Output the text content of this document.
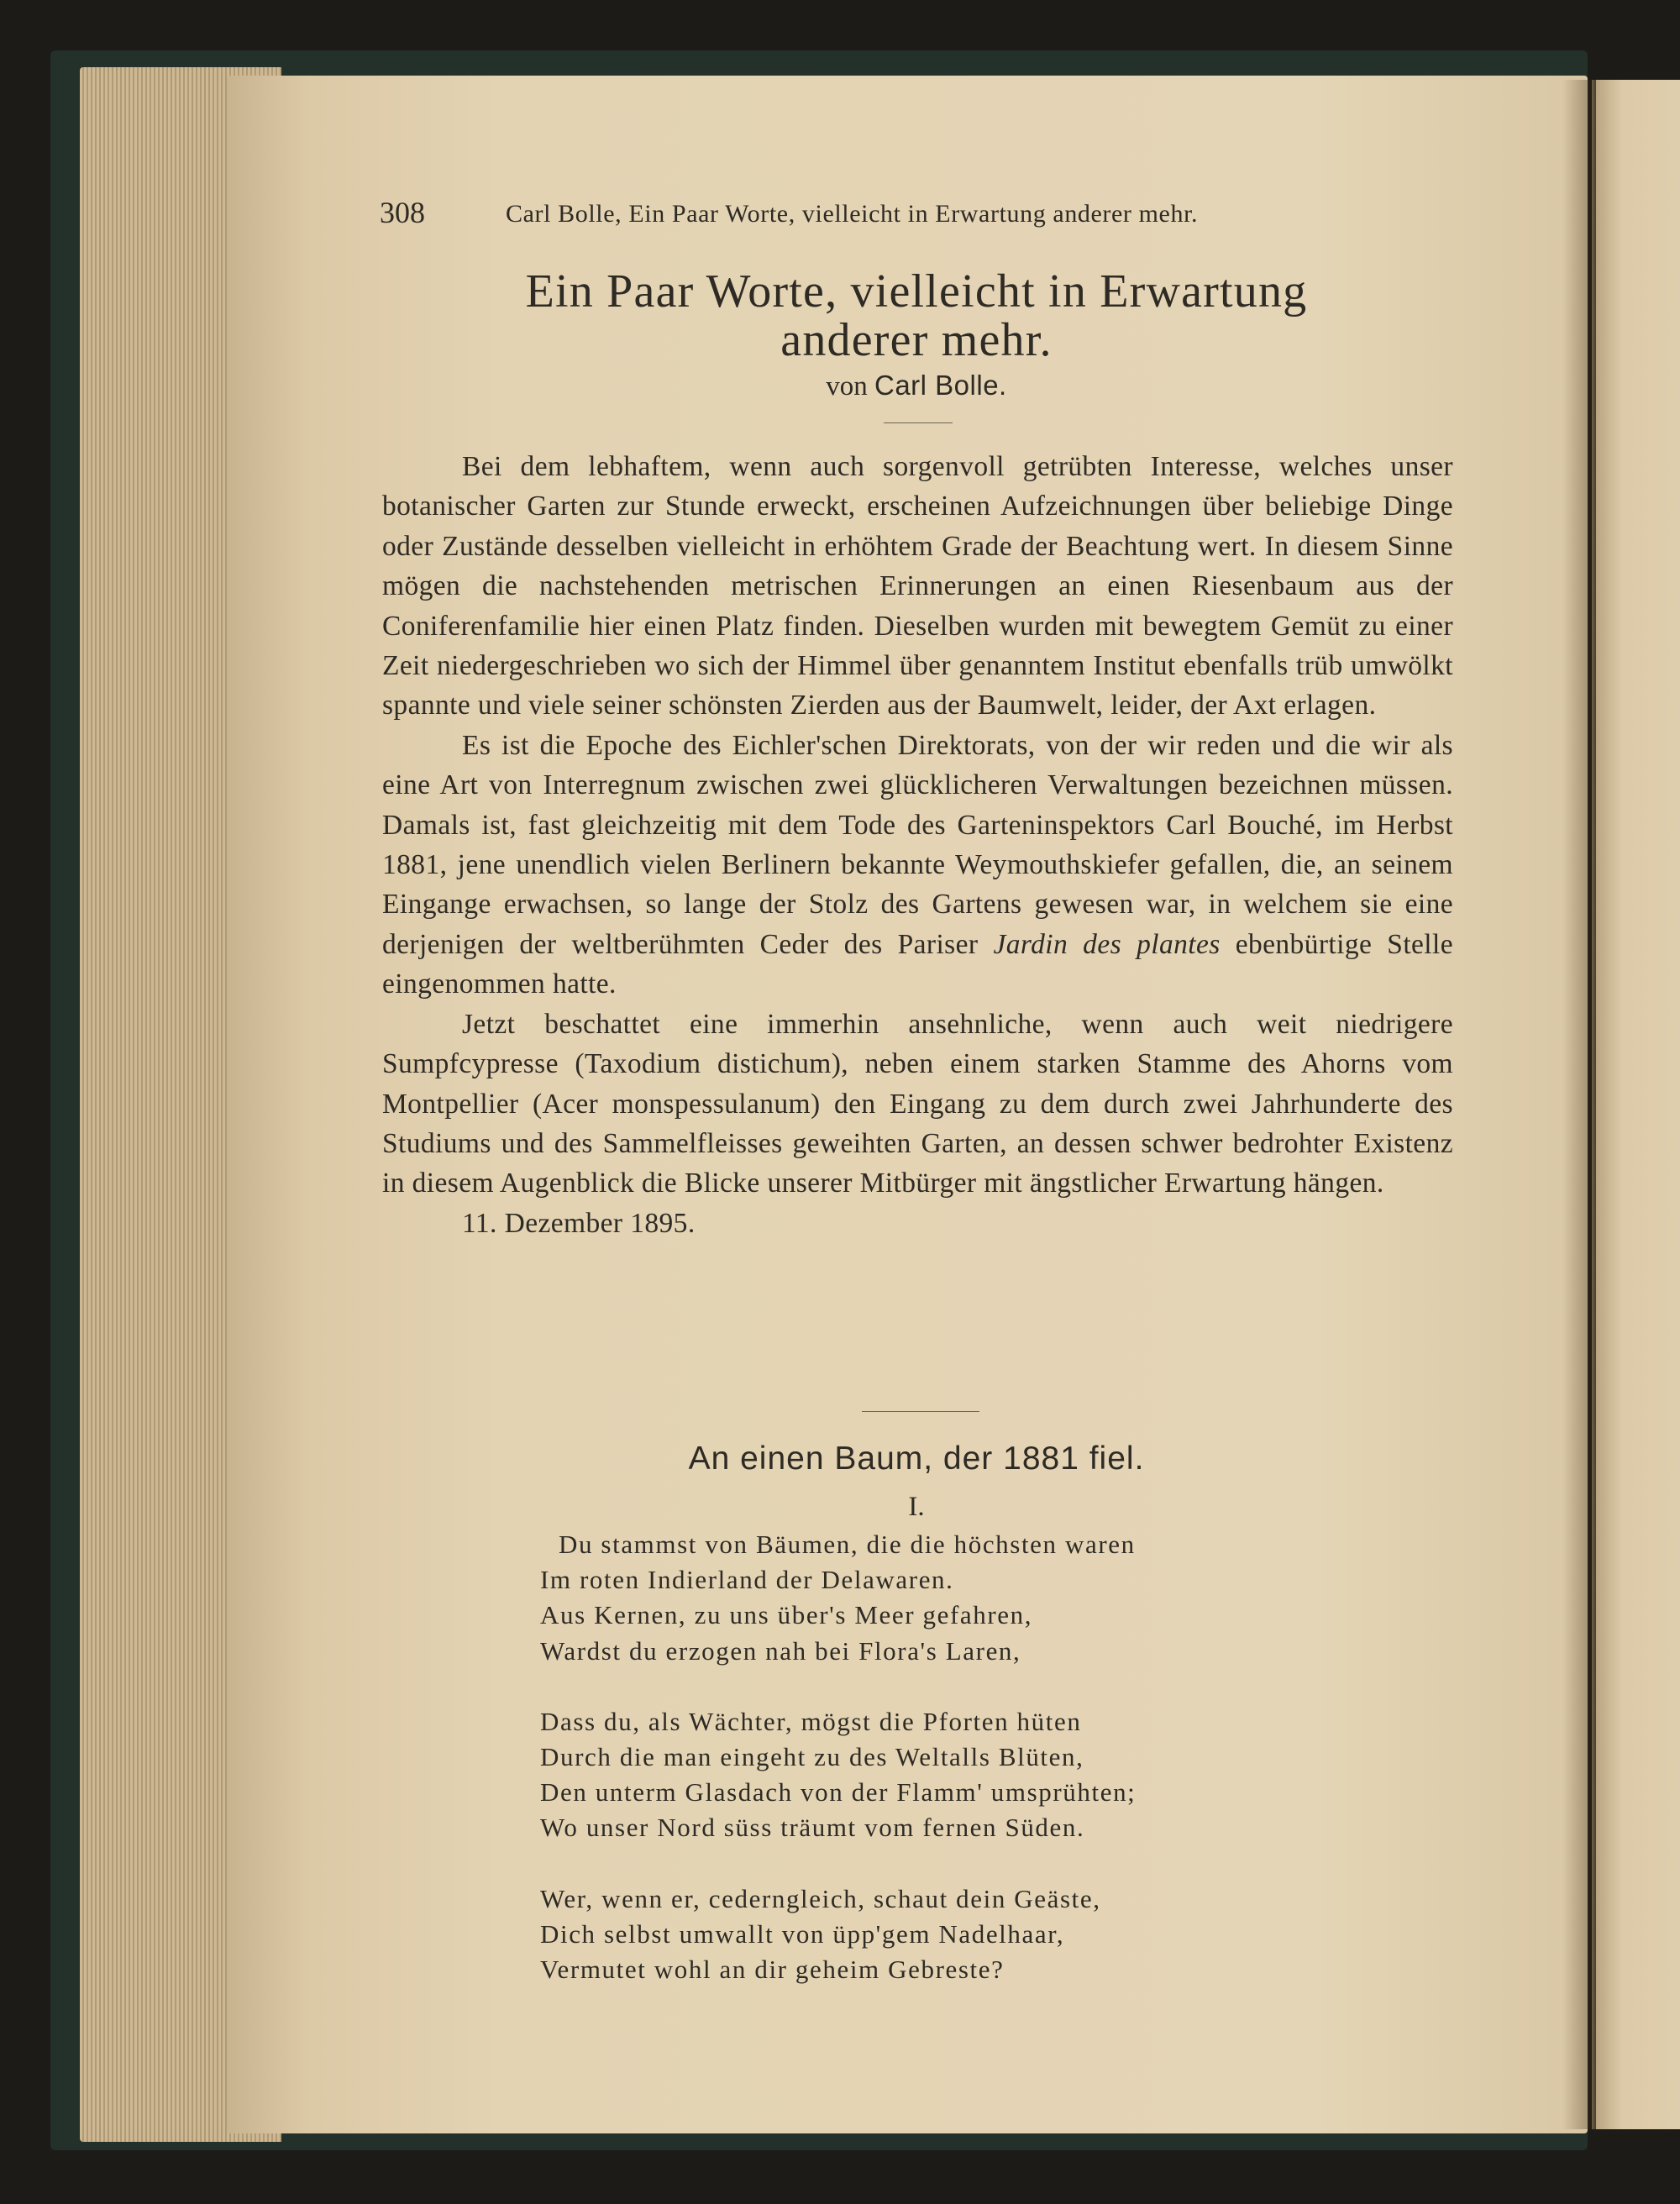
308	Carl Bolle, Ein Paar Worte, vielleicht in Erwartung anderer mehr.
Ein Paar Worte, vielleicht in Erwartung
anderer mehr.
von Carl Bolle.

Bei dem lebhaftem, wenn auch sorgenvoll getrübten Interesse, welches unser botanischer Garten zur Stunde erweckt, erscheinen Aufzeichnungen über beliebige Dinge oder Zustände desselben vielleicht in erhöhtem Grade der Beachtung wert. In diesem Sinne mögen die nachstehenden metrischen Erinnerungen an einen Riesenbaum aus der Coniferenfamilie hier einen Platz finden. Dieselben wurden mit bewegtem Gemüt zu einer Zeit niedergeschrieben wo sich der Himmel über genanntem Institut ebenfalls trüb umwölkt spannte und viele seiner schönsten Zierden aus der Baumwelt, leider, der Axt erlagen.

Es ist die Epoche des Eichler'schen Direktorats, von der wir reden und die wir als eine Art von Interregnum zwischen zwei glücklicheren Verwaltungen bezeichnen müssen. Damals ist, fast gleichzeitig mit dem Tode des Garteninspektors Carl Bouché, im Herbst 1881, jene unendlich vielen Berlinern bekannte Weymouthskiefer gefallen, die, an seinem Eingange erwachsen, so lange der Stolz des Gartens gewesen war, in welchem sie eine derjenigen der weltberühmten Ceder des Pariser Jardin des plantes ebenbürtige Stelle eingenommen hatte.

Jetzt beschattet eine immerhin ansehnliche, wenn auch weit niedrigere Sumpfcypresse (Taxodium distichum), neben einem starken Stamme des Ahorns vom Montpellier (Acer monspessulanum) den Eingang zu dem durch zwei Jahrhunderte des Studiums und des Sammelfleisses geweihten Garten, an dessen schwer bedrohter Existenz in diesem Augenblick die Blicke unserer Mitbürger mit ängstlicher Erwartung hängen.

11. Dezember 1895.

An einen Baum, der 1881 fiel.
I.
Du stammst von Bäumen, die die höchsten waren
Im roten Indierland der Delawaren.
Aus Kernen, zu uns über's Meer gefahren,
Wardst du erzogen nah bei Flora's Laren,
Dass du, als Wächter, mögst die Pforten hüten
Durch die man eingeht zu des Weltalls Blüten,
Den unterm Glasdach von der Flamm' umsprühten;
Wo unser Nord süss träumt vom fernen Süden.
Wer, wenn er, cederngleich, schaut dein Geäste,
Dich selbst umwallt von üpp'gem Nadelhaar,
Vermutet wohl an dir geheim Gebreste?
